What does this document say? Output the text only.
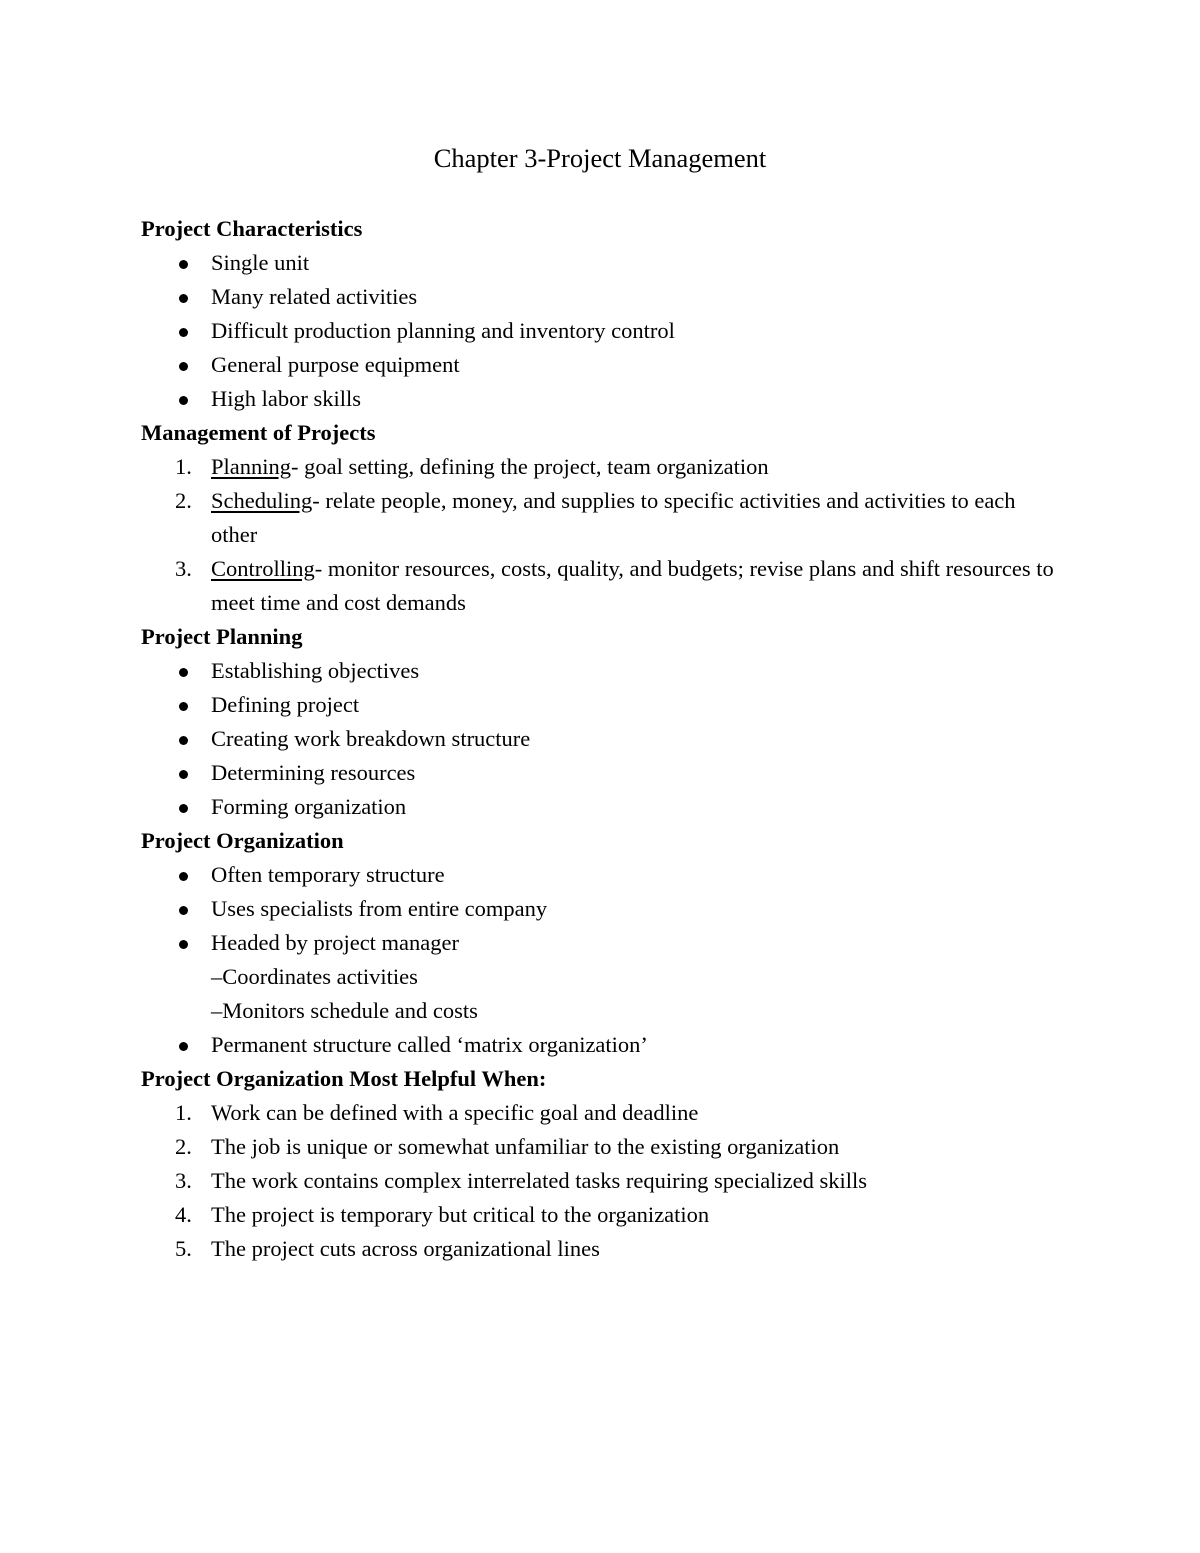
Chapter 3-Project Management
Project Characteristics
Single unit
Many related activities
Difficult production planning and inventory control
General purpose equipment
High labor skills
Management of Projects
1. Planning- goal setting, defining the project, team organization
2. Scheduling- relate people, money, and supplies to specific activities and activities to each other
3. Controlling- monitor resources, costs, quality, and budgets; revise plans and shift resources to meet time and cost demands
Project Planning
Establishing objectives
Defining project
Creating work breakdown structure
Determining resources
Forming organization
Project Organization
Often temporary structure
Uses specialists from entire company
Headed by project manager
–Coordinates activities
–Monitors schedule and costs
Permanent structure called ‘matrix organization’
Project Organization Most Helpful When:
1. Work can be defined with a specific goal and deadline
2. The job is unique or somewhat unfamiliar to the existing organization
3. The work contains complex interrelated tasks requiring specialized skills
4. The project is temporary but critical to the organization
5. The project cuts across organizational lines
